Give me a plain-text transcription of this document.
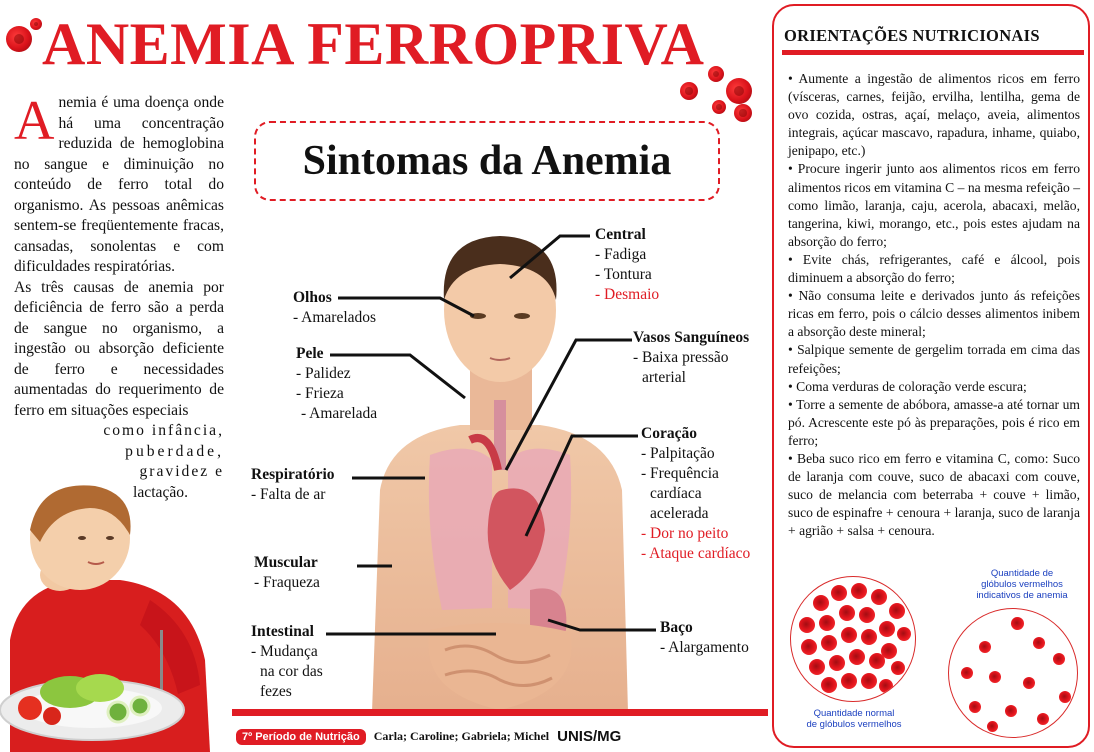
ANEMIA FERROPRIVA
A nemia é uma doença onde há uma concentração reduzida de hemoglobina no sangue e diminuição no conteúdo de ferro total do organismo. As pessoas anêmicas sentem-se freqüentemente fracas, cansadas, sonolentas e com dificuldades respiratórias.

As três causas de anemia por deficiência de ferro são a perda de sangue no organismo, a ingestão ou absorção deficiente de ferro e necessidades aumentadas do requerimento de ferro em situações especiais

como infância,
puberdade,
gravidez e
lactação.
Sintomas da Anemia
Central
- Fadiga
- Tontura
- Desmaio
Olhos
- Amarelados
Pele
- Palidez
- Frieza
- Amarelada
Vasos Sanguíneos
- Baixa pressão
arterial
Coração
- Palpitação
- Frequência
cardíaca
acelerada
- Dor no peito
- Ataque cardíaco
Respiratório
- Falta de ar
Muscular
- Fraqueza
Intestinal
- Mudança
na cor das
fezes
Baço
- Alargamento
7º Período de Nutrição	Carla; Caroline; Gabriela; Michel UNIS/MG
ORIENTAÇÕES NUTRICIONAIS

• Aumente a ingestão de alimentos ricos em ferro (vísceras, carnes, feijão, ervilha, lentilha, gema de ovo cozida, ostras, açaí, melaço, aveia, alimentos integrais, açúcar mascavo, rapadura, inhame, quiabo, jenipapo, etc.)

• Procure ingerir junto aos alimentos ricos em ferro alimentos ricos em vitamina C – na mesma refeição – como limão, laranja, caju, acerola, abacaxi, melão, tangerina, kiwi, morango, etc., pois estes ajudam na absorção do ferro;

• Evite chás, refrigerantes, café e álcool, pois diminuem a absorção do ferro;

• Não consuma leite e derivados junto ás refeições ricas em ferro, pois o cálcio desses alimentos inibem a absorção deste mineral;

• Salpique semente de gergelim torrada em cima das refeições;

• Coma verduras de coloração verde escura;

• Torre a semente de abóbora, amasse-a até tornar um pó. Acrescente este pó às preparações, pois é rico em ferro;

• Beba suco rico em ferro e vitamina C, como: Suco de laranja com couve, suco de abacaxi com couve, suco de melancia com beterraba + couve + limão, suco de espinafre + cenoura + laranja, suco de laranja + agrião + salsa + cenoura.

Quantidade normal
de glóbulos vermelhos
Quantidade de
glóbulos vermelhos
indicativos de anemia
